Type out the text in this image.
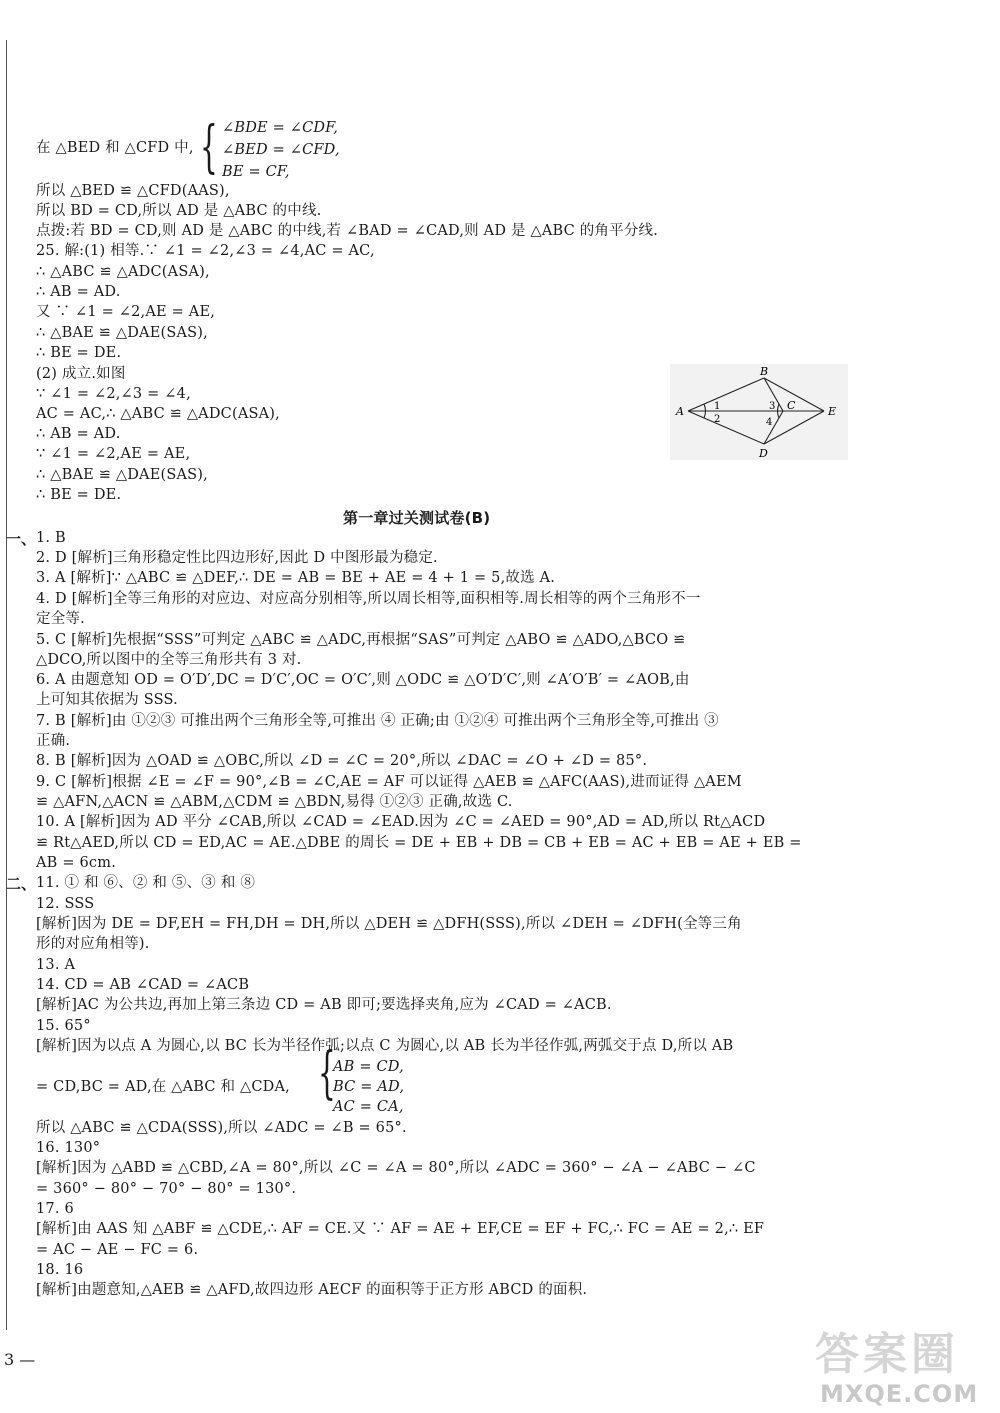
在 △BED 和 △CFD 中, { ∠BDE = ∠CDF,
∠BED = ∠CFD,
BE = CF,
所以 △BED ≌ △CFD(AAS),
所以 BD = CD,所以 AD 是 △ABC 的中线.
点拨:若 BD = CD,则 AD 是 △ABC 的中线,若 ∠BAD = ∠CAD,则 AD 是 △ABC 的角平分线.
25. 解:(1) 相等.∵ ∠1 = ∠2,∠3 = ∠4,AC = AC,
∴ △ABC ≌ △ADC(ASA),
∴ AB = AD.
又 ∵ ∠1 = ∠2,AE = AE,
∴ △BAE ≌ △DAE(SAS),
∴ BE = DE.
(2) 成立.如图
∵ ∠1 = ∠2,∠3 = ∠4,
AC = AC,∴ △ABC ≌ △ADC(ASA),
∴ AB = AD.
∵ ∠1 = ∠2,AE = AE,
∴ △BAE ≌ △DAE(SAS),
∴ BE = DE.
A
B
C
D
E
1
2
3
4
第一章过关测试卷(B)
一、 1. B
2. D [解析]三角形稳定性比四边形好,因此 D 中图形最为稳定.
3. A [解析]∵ △ABC ≌ △DEF,∴ DE = AB = BE + AE = 4 + 1 = 5,故选 A.
4. D [解析]全等三角形的对应边、对应高分别相等,所以周长相等,面积相等.周长相等的两个三角形不一
定全等.
5. C [解析]先根据“SSS”可判定 △ABC ≌ △ADC,再根据“SAS”可判定 △ABO ≌ △ADO,△BCO ≌
△DCO,所以图中的全等三角形共有 3 对.
6. A 由题意知 OD = O′D′,DC = D′C′,OC = O′C′,则 △ODC ≌ △O′D′C′,则 ∠A′O′B′ = ∠AOB,由
上可知其依据为 SSS.
7. B [解析]由 ①②③ 可推出两个三角形全等,可推出 ④ 正确;由 ①②④ 可推出两个三角形全等,可推出 ③
正确.
8. B [解析]因为 △OAD ≌ △OBC,所以 ∠D = ∠C = 20°,所以 ∠DAC = ∠O + ∠D = 85°.
9. C [解析]根据 ∠E = ∠F = 90°,∠B = ∠C,AE = AF 可以证得 △AEB ≌ △AFC(AAS),进而证得 △AEM
≌ △AFN,△ACN ≌ △ABM,△CDM ≌ △BDN,易得 ①②③ 正确,故选 C.
10. A [解析]因为 AD 平分 ∠CAB,所以 ∠CAD = ∠EAD.因为 ∠C = ∠AED = 90°,AD = AD,所以 Rt△ACD
≌ Rt△AED,所以 CD = ED,AC = AE.△DBE 的周长 = DE + EB + DB = CB + EB = AC + EB = AE + EB =
AB = 6cm.
二、 11. ① 和 ⑥、② 和 ⑤、③ 和 ⑧
12. SSS
[解析]因为 DE = DF,EH = FH,DH = DH,所以 △DEH ≌ △DFH(SSS),所以 ∠DEH = ∠DFH(全等三角
形的对应角相等).
13. A
14. CD = AB ∠CAD = ∠ACB
[解析]AC 为公共边,再加上第三条边 CD = AB 即可;要选择夹角,应为 ∠CAD = ∠ACB.
15. 65°
[解析]因为以点 A 为圆心,以 BC 长为半径作弧;以点 C 为圆心,以 AB 长为半径作弧,两弧交于点 D,所以 AB
= CD,BC = AD,在 △ABC 和 △CDA, {
AB = CD,
BC = AD,
AC = CA,
所以 △ABC ≌ △CDA(SSS),所以 ∠ADC = ∠B = 65°.
16. 130°
[解析]因为 △ABD ≌ △CBD,∠A = 80°,所以 ∠C = ∠A = 80°,所以 ∠ADC = 360° − ∠A − ∠ABC − ∠C
= 360° − 80° − 70° − 80° = 130°.
17. 6
[解析]由 AAS 知 △ABF ≌ △CDE,∴ AF = CE.又 ∵ AF = AE + EF,CE = EF + FC,∴ FC = AE = 2,∴ EF
= AC − AE − FC = 6.
18. 16
[解析]由题意知,△AEB ≌ △AFD,故四边形 AECF 的面积等于正方形 ABCD 的面积.
3 —	答案圈
MXQE.COM
